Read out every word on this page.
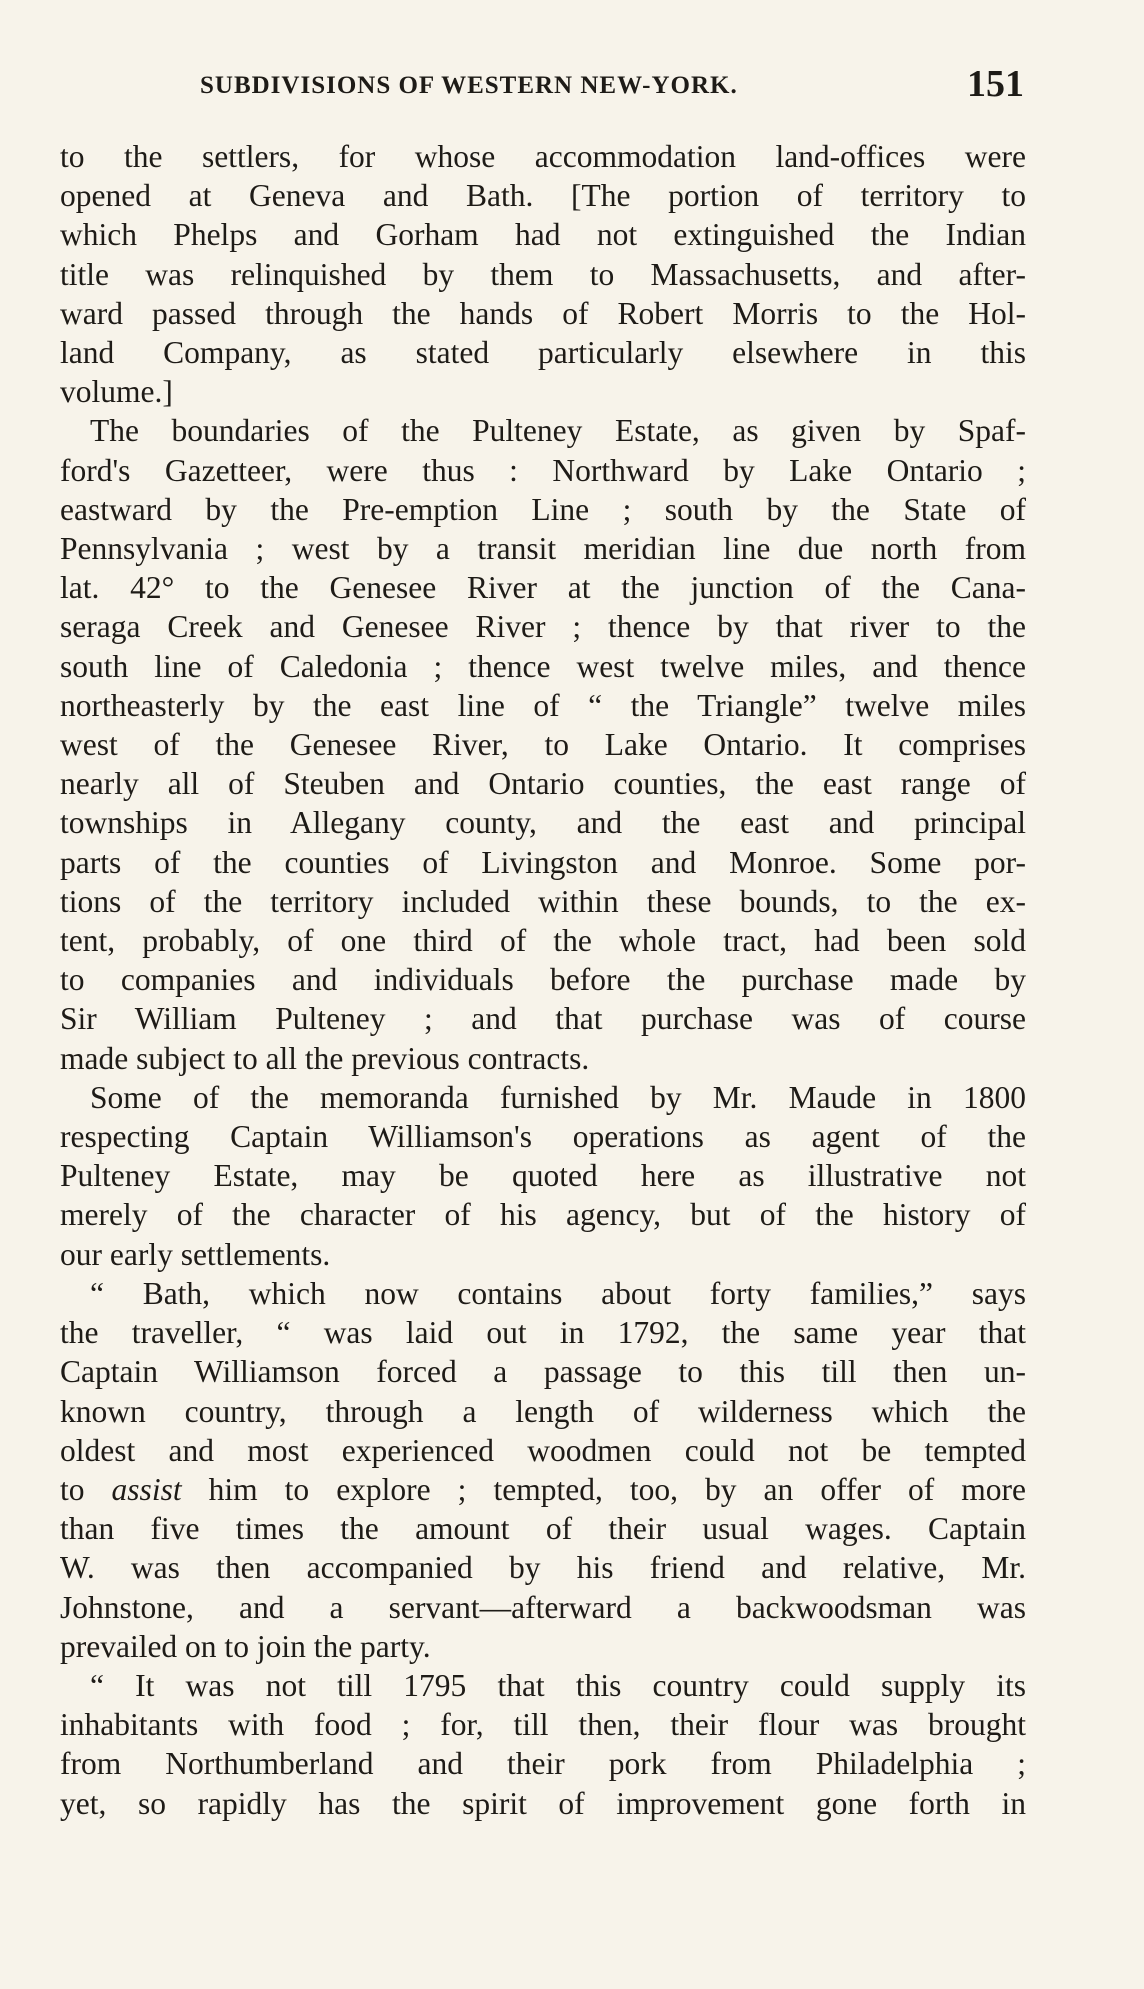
SUBDIVISIONS OF WESTERN NEW-YORK.	151
to the settlers, for whose accommodation land-offices were
opened at Geneva and Bath. [The portion of territory to
which Phelps and Gorham had not extinguished the Indian
title was relinquished by them to Massachusetts, and after-
ward passed through the hands of Robert Morris to the Hol-
land Company, as stated particularly elsewhere in this
volume.]
The boundaries of the Pulteney Estate, as given by Spaf-
ford's Gazetteer, were thus : Northward by Lake Ontario ;
eastward by the Pre-emption Line ; south by the State of
Pennsylvania ; west by a transit meridian line due north from
lat. 42° to the Genesee River at the junction of the Cana-
seraga Creek and Genesee River ; thence by that river to the
south line of Caledonia ; thence west twelve miles, and thence
northeasterly by the east line of “ the Triangle” twelve miles
west of the Genesee River, to Lake Ontario. It comprises
nearly all of Steuben and Ontario counties, the east range of
townships in Allegany county, and the east and principal
parts of the counties of Livingston and Monroe. Some por-
tions of the territory included within these bounds, to the ex-
tent, probably, of one third of the whole tract, had been sold
to companies and individuals before the purchase made by
Sir William Pulteney ; and that purchase was of course
made subject to all the previous contracts.
Some of the memoranda furnished by Mr. Maude in 1800
respecting Captain Williamson's operations as agent of the
Pulteney Estate, may be quoted here as illustrative not
merely of the character of his agency, but of the history of
our early settlements.
“ Bath, which now contains about forty families,” says
the traveller, “ was laid out in 1792, the same year that
Captain Williamson forced a passage to this till then un-
known country, through a length of wilderness which the
oldest and most experienced woodmen could not be tempted
to assist him to explore ; tempted, too, by an offer of more
than five times the amount of their usual wages. Captain
W. was then accompanied by his friend and relative, Mr.
Johnstone, and a servant—afterward a backwoodsman was
prevailed on to join the party.
“ It was not till 1795 that this country could supply its
inhabitants with food ; for, till then, their flour was brought
from Northumberland and their pork from Philadelphia ;
yet, so rapidly has the spirit of improvement gone forth in
